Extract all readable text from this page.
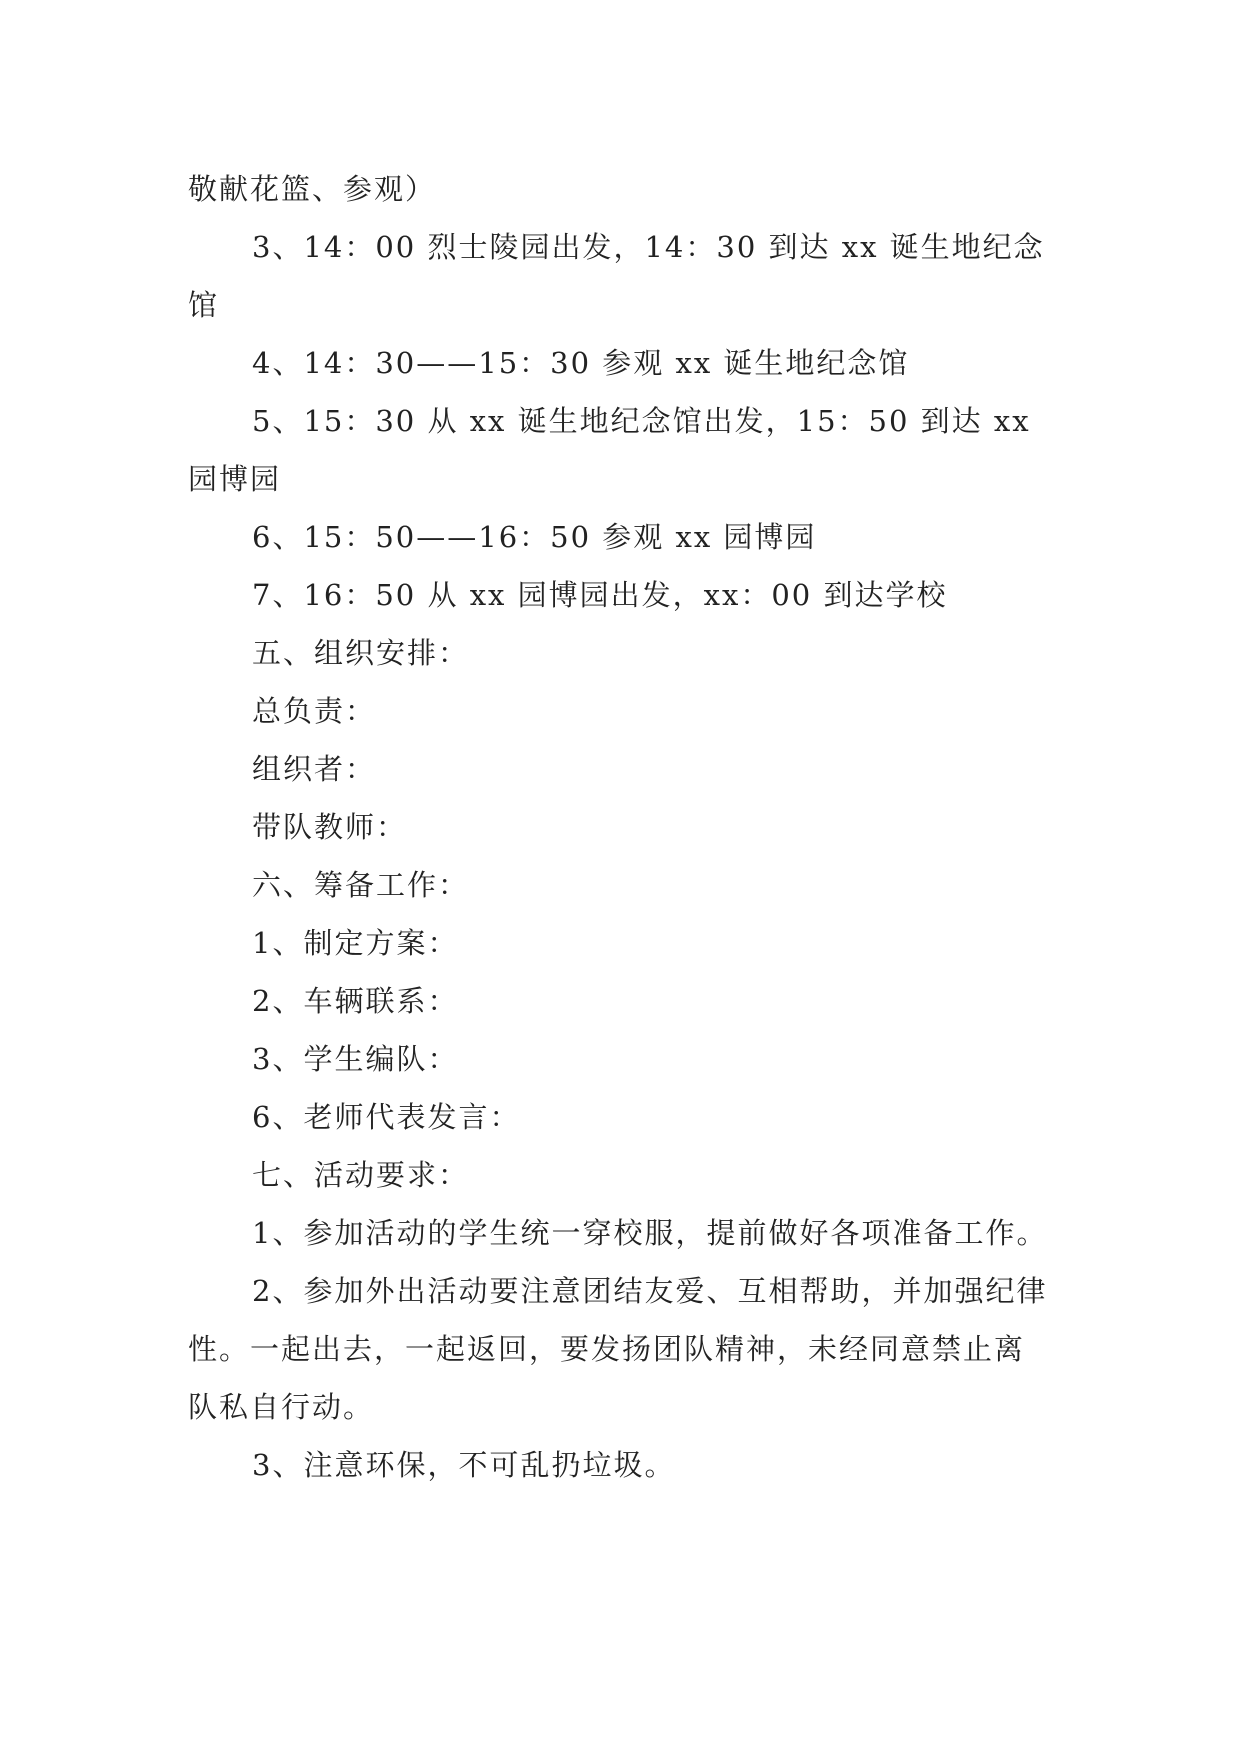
敬献花篮、参观）

3、14：00 烈士陵园出发，14：30 到达 xx 诞生地纪念馆

4、14：30——15：30 参观 xx 诞生地纪念馆

5、15：30 从 xx 诞生地纪念馆出发，15：50 到达 xx 园博园

6、15：50——16：50 参观 xx 园博园

7、16：50 从 xx 园博园出发，xx：00 到达学校

五、组织安排：

总负责：

组织者：

带队教师：

六、筹备工作：

1、制定方案：

2、车辆联系：

3、学生编队：

6、老师代表发言：

七、活动要求：

1、参加活动的学生统一穿校服，提前做好各项准备工作。

2、参加外出活动要注意团结友爱、互相帮助，并加强纪律性。一起出去，一起返回，要发扬团队精神，未经同意禁止离队私自行动。

3、注意环保，不可乱扔垃圾。
